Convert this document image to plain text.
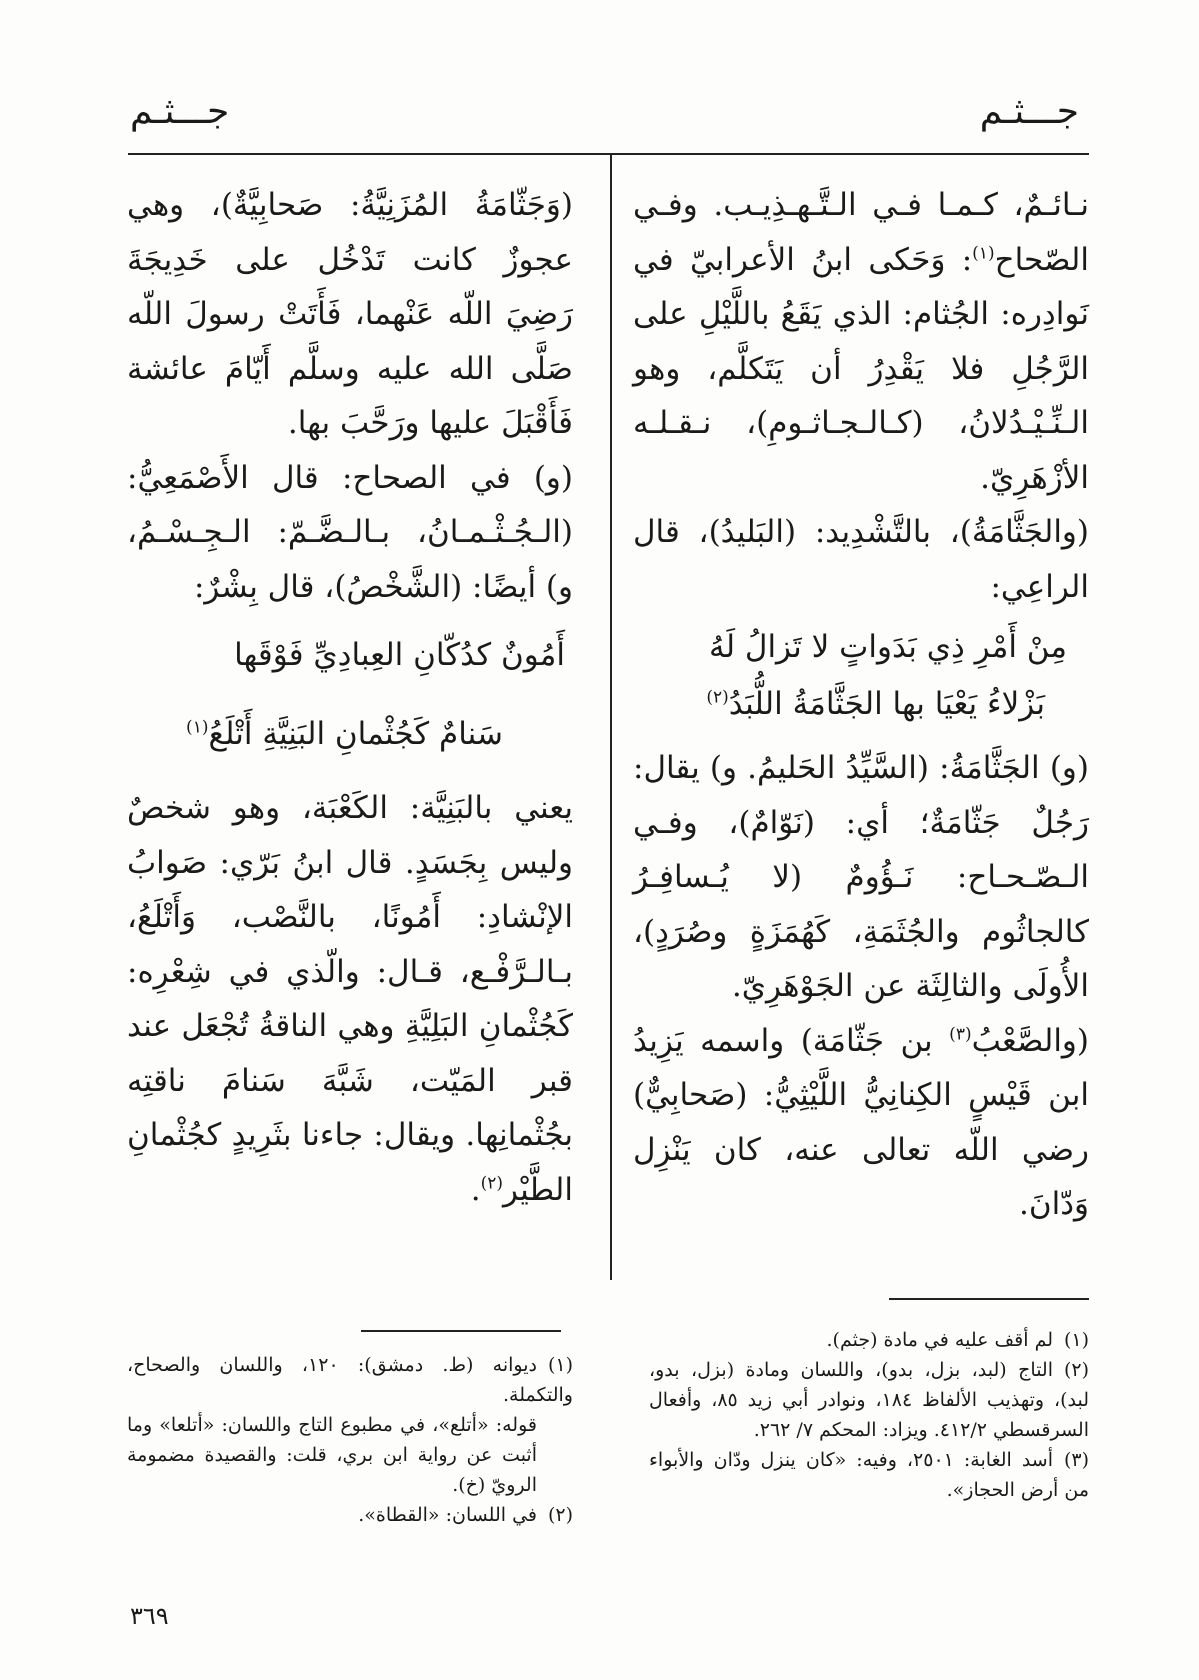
جـــثـم
جـــثـم

نـائـمٌ، كـمـا فـي الـتَّـهـذِيـب. وفـي الصّحاح$^{(١)}$: وَحَكى ابنُ الأعرابيّ في نَوادِره: الجُثام: الذي يَقَعُ باللَّيْلِ على الرَّجُلِ فلا يَقْدِرُ أن يَتَكلَّم، وهو الـنِّـيْـدُلانُ، (كـالـجـاثـومِ)، نـقـلـه الأزْهَرِيّ.

(والجَثَّامَةُ)، بالتَّشْدِيد: (البَليدُ)، قال الراعِي:

مِنْ أَمْرِ ذِي بَدَواتٍ لا تَزالُ لَهُ
بَزْلاءُ يَعْيَا بها الجَثَّامَةُ اللُّبَدُ$^{(٢)}$

(و) الجَثَّامَةُ: (السَّيِّدُ الحَليمُ. و) يقال: رَجُلٌ جَثّامَةٌ؛ أي: (نَوّامٌ)، وفـي الـصّـحـاح: نَـؤُومٌ (لا يُـسافِـرُ كالجاثُوم والجُثَمَةِ، كَهُمَزَةٍ وصُرَدٍ)، الأُولَى والثالِثَة عن الجَوْهَرِيّ.

(والصَّعْبُ$^{(٣)}$ بن جَثّامَة) واسمه يَزِيدُ ابن قَيْسٍ الكِنانِيُّ اللَّيْثِيُّ: (صَحابِيٌّ) رضي اللّه تعالى عنه، كان يَنْزِل وَدّانَ.

(وَجَثّامَةُ المُزَنِيَّةُ: صَحابِيَّةٌ)، وهي عجوزٌ كانت تَدْخُل على خَدِيجَةَ رَضِيَ اللّه عَنْهما، فَأَتَتْ رسولَ اللّه صَلَّى الله عليه وسلَّم أَيّامَ عائشة فَأَقْبَلَ عليها ورَحَّبَ بها.

(و) في الصحاح: قال الأَصْمَعِيُّ: (الـجُـثْـمـانُ، بـالـضَّـمّ: الـجِـسْـمُ، و) أيضًا: (الشَّخْصُ)، قال بِشْرٌ:

أَمُونٌ كدُكّانِ العِبادِيِّ فَوْقَها
سَنامٌ كَجُثْمانِ البَنِيَّةِ أَتْلَعُ$^{(١)}$

يعني بالبَنِيَّة: الكَعْبَة، وهو شخصٌ وليس بِجَسَدٍ. قال ابنُ بَرّي: صَوابُ الإنْشادِ: أَمُونًا، بالنَّصْب، وَأَتْلَعُ، بـالـرَّفْـع، قـال: والّذي في شِعْرِه: كَجُثْمانِ البَلِيَّةِ وهي الناقةُ تُجْعَل عند قبر المَيّت، شَبَّهَ سَنامَ ناقتِه بجُثْمانِها. ويقال: جاءنا بثَرِيدٍ كجُثْمانِ الطَّيْر$^{(٢)}$.

(١)لم أقف عليه في مادة (جثم).

(٢)التاج (لبد، بزل، بدو)، واللسان ومادة (بزل، بدو، لبد)، وتهذيب الألفاظ ١٨٤، ونوادر أبي زيد ٨٥، وأفعال السرقسطي ٤١٢/٢. ويزاد: المحكم ٧/ ٢٦٢.

(٣)أسد الغابة: ٢٥٠١، وفيه: «كان ينزل ودّان والأبواء من أرض الحجاز».

(١)ديوانه (ط. دمشق): ١٢٠، واللسان والصحاح، والتكملة.
قوله: «أتلع»، في مطبوع التاج واللسان: «أتلعا» وما أثبت عن رواية ابن بري، قلت: والقصيدة مضمومة الرويّ (خ).

(٢)في اللسان: «القطاة».

٣٦٩
